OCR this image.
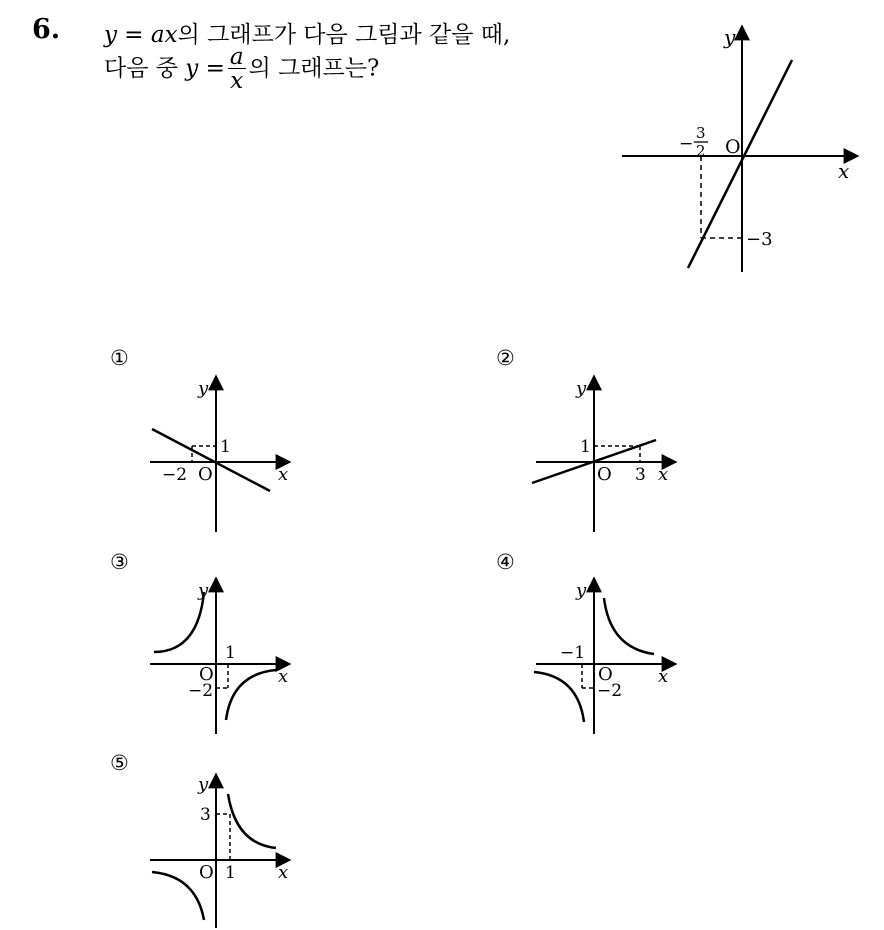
6. y = ax의 그래프가 다음 그림과 같을 때,
다음 중 $y = \frac{a}{x}$ 의 그래프는?
y
x
O
−
3
2
−3
①	②
③	④
⑤
y
x
O
1
−2
y
x
O
1
3
y
x
O
1
−2
y
x
O
−1
−2
y
x
O
3
1
